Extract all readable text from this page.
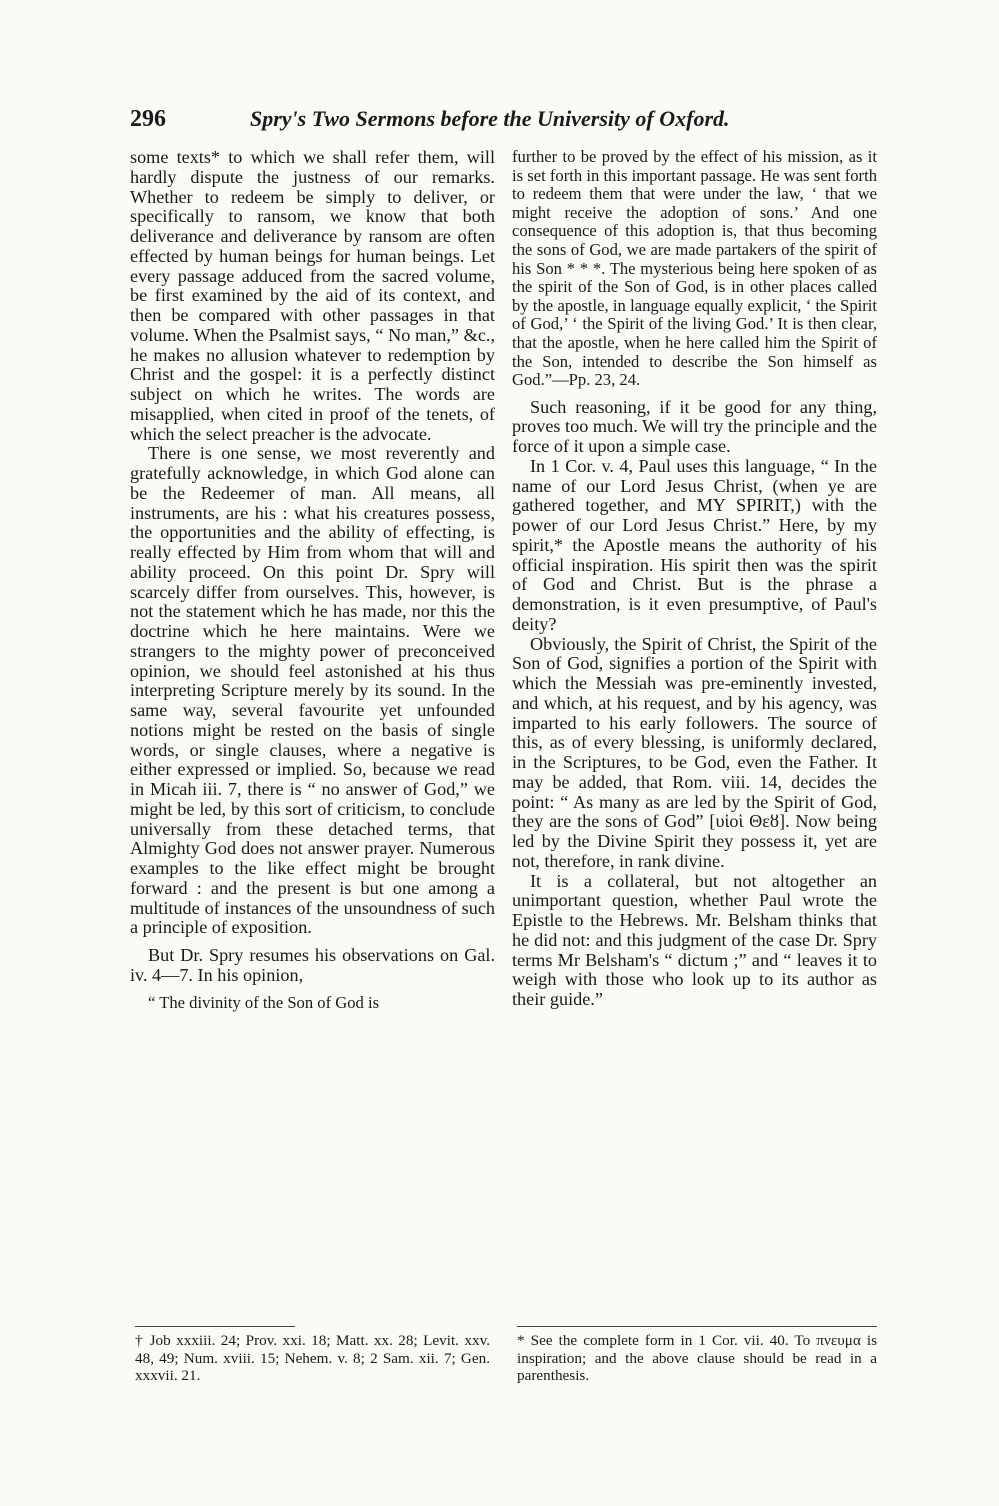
296	Spry's Two Sermons before the University of Oxford.

some texts* to which we shall refer them, will hardly dispute the justness of our remarks. Whether to redeem be simply to deliver, or specifically to ransom, we know that both deliverance and deliverance by ransom are often effected by human beings for human beings. Let every passage adduced from the sacred volume, be first examined by the aid of its context, and then be compared with other passages in that volume. When the Psalmist says, “ No man,” &c., he makes no allusion whatever to redemption by Christ and the gospel: it is a perfectly distinct subject on which he writes. The words are misapplied, when cited in proof of the tenets, of which the select preacher is the advocate.

There is one sense, we most reverently and gratefully acknowledge, in which God alone can be the Redeemer of man. All means, all instruments, are his : what his creatures possess, the opportunities and the ability of effecting, is really effected by Him from whom that will and ability proceed. On this point Dr. Spry will scarcely differ from ourselves. This, however, is not the statement which he has made, nor this the doctrine which he here maintains. Were we strangers to the mighty power of preconceived opinion, we should feel astonished at his thus interpreting Scripture merely by its sound. In the same way, several favourite yet unfounded notions might be rested on the basis of single words, or single clauses, where a negative is either expressed or implied. So, because we read in Micah iii. 7, there is “ no answer of God,” we might be led, by this sort of criticism, to conclude universally from these detached terms, that Almighty God does not answer prayer. Numerous examples to the like effect might be brought forward : and the present is but one among a multitude of instances of the unsoundness of such a principle of exposition.

But Dr. Spry resumes his observations on Gal. iv. 4—7. In his opinion,

“ The divinity of the Son of God is

further to be proved by the effect of his mission, as it is set forth in this important passage. He was sent forth to redeem them that were under the law, ‘ that we might receive the adoption of sons.’ And one consequence of this adoption is, that thus becoming the sons of God, we are made partakers of the spirit of his Son * * *. The mysterious being here spoken of as the spirit of the Son of God, is in other places called by the apostle, in language equally explicit, ‘ the Spirit of God,’ ‘ the Spirit of the living God.’ It is then clear, that the apostle, when he here called him the Spirit of the Son, intended to describe the Son himself as God.”—Pp. 23, 24.

Such reasoning, if it be good for any thing, proves too much. We will try the principle and the force of it upon a simple case.

In 1 Cor. v. 4, Paul uses this language, “ In the name of our Lord Jesus Christ, (when ye are gathered together, and MY SPIRIT,) with the power of our Lord Jesus Christ.” Here, by my spirit,* the Apostle means the authority of his official inspiration. His spirit then was the spirit of God and Christ. But is the phrase a demonstration, is it even presumptive, of Paul's deity?

Obviously, the Spirit of Christ, the Spirit of the Son of God, signifies a portion of the Spirit with which the Messiah was pre-eminently invested, and which, at his request, and by his agency, was imparted to his early followers. The source of this, as of every blessing, is uniformly declared, in the Scriptures, to be God, even the Father. It may be added, that Rom. viii. 14, decides the point: “ As many as are led by the Spirit of God, they are the sons of God” [υἱοὶ Θεȣ]. Now being led by the Divine Spirit they possess it, yet are not, therefore, in rank divine.

It is a collateral, but not altogether an unimportant question, whether Paul wrote the Epistle to the Hebrews. Mr. Belsham thinks that he did not: and this judgment of the case Dr. Spry terms Mr Belsham's “ dictum ;” and “ leaves it to weigh with those who look up to its author as their guide.”

† Job xxxiii. 24; Prov. xxi. 18; Matt. xx. 28; Levit. xxv. 48, 49; Num. xviii. 15; Nehem. v. 8; 2 Sam. xii. 7; Gen. xxxvii. 21.
* See the complete form in 1 Cor. vii. 40. To πνευμα is inspiration; and the above clause should be read in a parenthesis.
